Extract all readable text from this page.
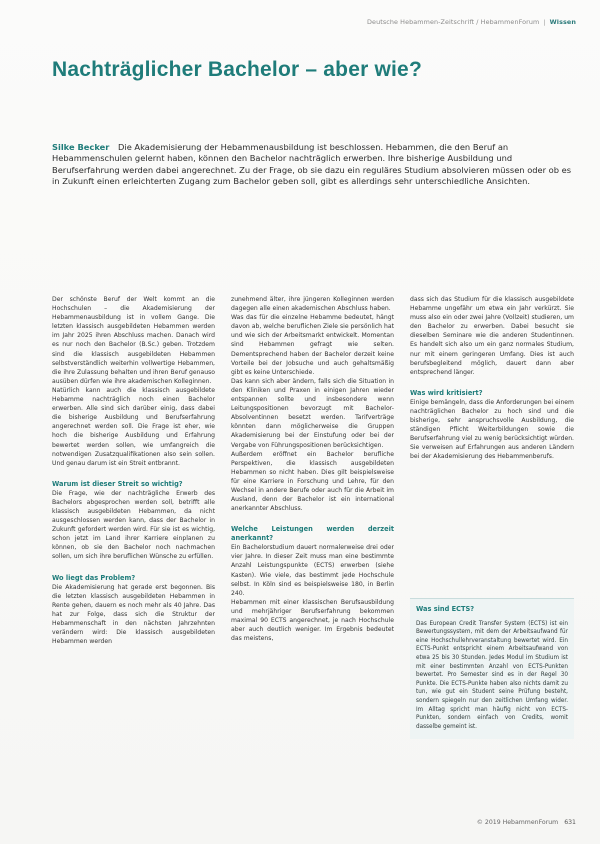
Deutsche Hebammen-Zeitschrift / HebammenForum | Wissen
Nachträglicher Bachelor – aber wie?
Silke Becker Die Akademisierung der Hebammenausbildung ist beschlossen. Hebammen, die den Beruf an Hebammenschulen gelernt haben, können den Bachelor nachträglich erwerben. Ihre bisherige Ausbildung und Berufserfahrung werden dabei angerechnet. Zu der Frage, ob sie dazu ein reguläres Studium absolvieren müssen oder ob es in Zukunft einen erleichterten Zugang zum Bachelor geben soll, gibt es allerdings sehr unterschiedliche Ansichten.

Der schönste Beruf der Welt kommt an die Hochschulen – die Akademisierung der Hebammenausbildung ist in vollem Gange. Die letzten klassisch ausgebildeten Hebammen werden im Jahr 2025 ihren Abschluss machen. Danach wird es nur noch den Bachelor (B.Sc.) geben. Trotzdem sind die klassisch ausgebildeten Hebammen selbstverständlich weiterhin vollwertige Hebammen, die ihre Zulassung behalten und ihren Beruf genauso ausüben dürfen wie ihre akademischen Kolleginnen.

Natürlich kann auch die klassisch ausgebildete Hebamme nachträglich noch einen Bachelor erwerben. Alle sind sich darüber einig, dass dabei die bisherige Ausbildung und Berufserfahrung angerechnet werden soll. Die Frage ist eher, wie hoch die bisherige Ausbildung und Erfahrung bewertet werden sollen, wie umfangreich die notwendigen Zusatzqualifikationen also sein sollen. Und genau darum ist ein Streit entbrannt.

Warum ist dieser Streit so wichtig?

Die Frage, wie der nachträgliche Erwerb des Bachelors abgesprochen werden soll, betrifft alle klassisch ausgebildeten Hebammen, da nicht ausgeschlossen werden kann, dass der Bachelor in Zukunft gefordert werden wird. Für sie ist es wichtig, schon jetzt im Land ihrer Karriere einplanen zu können, ob sie den Bachelor noch nachmachen sollen, um sich ihre beruflichen Wünsche zu erfüllen.

Wo liegt das Problem?

Die Akademisierung hat gerade erst begonnen. Bis die letzten klassisch ausgebildeten Hebammen in Rente gehen, dauern es noch mehr als 40 Jahre. Das hat zur Folge, dass sich die Struktur der Hebammenschaft in den nächsten Jahrzehnten verändern wird: Die klassisch ausgebildeten Hebammen werden

zunehmend älter, ihre jüngeren Kolleginnen werden dagegen alle einen akademischen Abschluss haben.

Was das für die einzelne Hebamme bedeutet, hängt davon ab, welche beruflichen Ziele sie persönlich hat und wie sich der Arbeitsmarkt entwickelt. Momentan sind Hebammen gefragt wie selten. Dementsprechend haben der Bachelor derzeit keine Vorteile bei der Jobsuche und auch gehaltsmäßig gibt es keine Unterschiede.

Das kann sich aber ändern, falls sich die Situation in den Kliniken und Praxen in einigen Jahren wieder entspannen sollte und insbesondere wenn Leitungspositionen bevorzugt mit Bachelor-Absolventinnen besetzt werden. Tarifverträge könnten dann möglicherweise die Gruppen Akademisierung bei der Einstufung oder bei der Vergabe von Führungspositionen berücksichtigen.

Außerdem eröffnet ein Bachelor berufliche Perspektiven, die klassisch ausgebildeten Hebammen so nicht haben. Dies gilt beispielsweise für eine Karriere in Forschung und Lehre, für den Wechsel in andere Berufe oder auch für die Arbeit im Ausland, denn der Bachelor ist ein international anerkannter Abschluss.

Welche Leistungen werden derzeit anerkannt?

Ein Bachelorstudium dauert normalerweise drei oder vier Jahre. In dieser Zeit muss man eine bestimmte Anzahl Leistungspunkte (ECTS) erwerben (siehe Kasten). Wie viele, das bestimmt jede Hochschule selbst. In Köln sind es beispielsweise 180, in Berlin 240.

Hebammen mit einer klassischen Berufsausbildung und mehrjähriger Berufserfahrung bekommen maximal 90 ECTS angerechnet, je nach Hochschule aber auch deutlich weniger. Im Ergebnis bedeutet das meistens,

dass sich das Studium für die klassisch ausgebildete Hebamme ungefähr um etwa ein Jahr verkürzt. Sie muss also ein oder zwei Jahre (Vollzeit) studieren, um den Bachelor zu erwerben. Dabei besucht sie dieselben Seminare wie die anderen Studentinnen. Es handelt sich also um ein ganz normales Studium, nur mit einem geringeren Umfang. Dies ist auch berufsbegleitend möglich, dauert dann aber entsprechend länger.

Was wird kritisiert?

Einige bemängeln, dass die Anforderungen bei einem nachträglichen Bachelor zu hoch sind und die bisherige, sehr anspruchsvolle Ausbildung, die ständigen Pflicht Weiterbildungen sowie die Berufserfahrung viel zu wenig berücksichtigt würden. Sie verweisen auf Erfahrungen aus anderen Ländern bei der Akademisierung des Hebammenberufs.

Was sind ECTS?

Das European Credit Transfer System (ECTS) ist ein Bewertungssystem, mit dem der Arbeitsaufwand für eine Hochschullehrveranstaltung bewertet wird. Ein ECTS-Punkt entspricht einem Arbeitsaufwand von etwa 25 bis 30 Stunden. Jedes Modul im Studium ist mit einer bestimmten Anzahl von ECTS-Punkten bewertet. Pro Semester sind es in der Regel 30 Punkte. Die ECTS-Punkte haben also nichts damit zu tun, wie gut ein Student seine Prüfung besteht, sondern spiegeln nur den zeitlichen Umfang wider. Im Alltag spricht man häufig nicht von ECTS-Punkten, sondern einfach von Credits, womit dasselbe gemeint ist.

© 2019 HebammenForum 631
